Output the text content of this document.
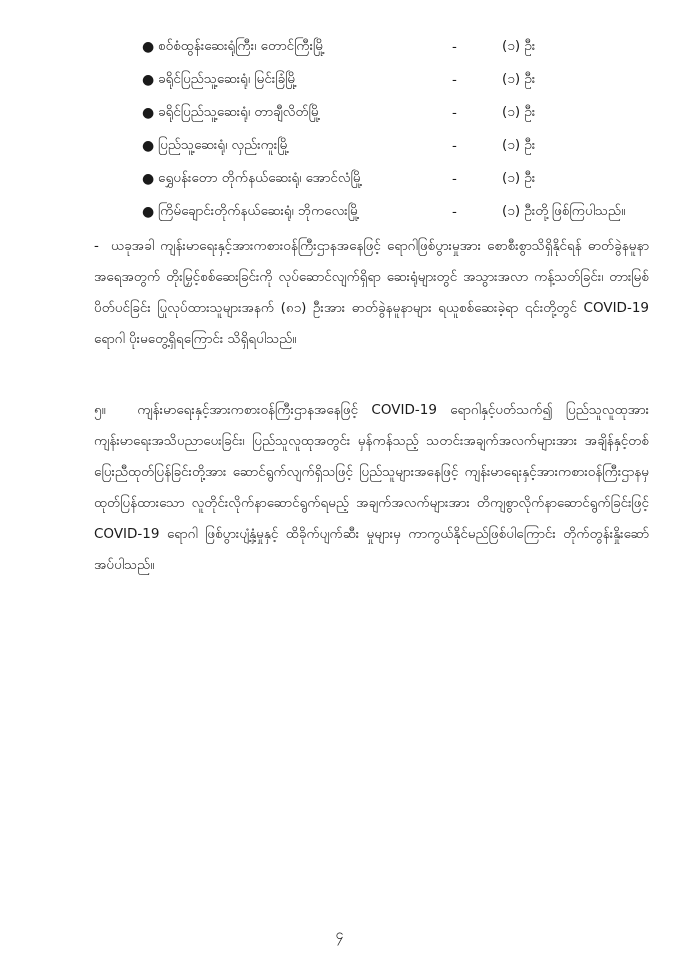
● စ၀်စံထွန်းဆေးရုံကြီး၊ တောင်ကြီးမြို့	-	(၁) ဦး
● ခရိုင်ပြည်သူ့ဆေးရုံ၊ မြင်းခြံမြို့	-	(၁) ဦး
● ခရိုင်ပြည်သူ့ဆေးရုံ၊ တာချီလိတ်မြို့	-	(၁) ဦး
● ပြည်သူ့ဆေးရုံ၊ လှည်းကူးမြို့	-	(၁) ဦး
● ရွှေပန်းတော တိုက်နယ်ဆေးရုံ၊ အောင်လံမြို့	-	(၁) ဦး
● ကြိမ်ချောင်းတိုက်နယ်ဆေးရုံ၊ ဘိုကလေးမြို့	-	(၁) ဦးတို့ဖြစ်ကြပါသည်။

- ယခုအခါ ကျန်းမာရေးနှင့်အားကစားဝန်ကြီးဌာနအနေဖြင့် ရောဂါဖြစ်ပွားမှုအား စောစီးစွာသိရှိနိုင်ရန် ဓာတ်ခွဲနမူနာအရေအတွက် တိုးမြှင့်စစ်ဆေးခြင်းကို လုပ်ဆောင်လျက်ရှိရာ ဆေးရုံများတွင် အသွားအလာ ကန့်သတ်ခြင်း၊ တားမြစ်ပိတ်ပင်ခြင်း ပြုလုပ်ထားသူများအနက် (၈၁) ဦးအား ဓာတ်ခွဲနမူနာများ ရယူစစ်ဆေးခဲ့ရာ ၎င်းတို့တွင် COVID-19 ရောဂါ ပိုးမတွေ့ရှိရကြောင်း သိရှိရပါသည်။

၅။ ကျန်းမာရေးနှင့်အားကစားဝန်ကြီးဌာနအနေဖြင့် COVID-19 ရောဂါနှင့်ပတ်သက်၍ ပြည်သူလူထုအား ကျန်းမာရေးအသိပညာပေးခြင်း၊ ပြည်သူလူထုအတွင်း မှန်ကန်သည့် သတင်းအချက်အလက်များအား အချိန်နှင့်တစ်ပြေးညီထုတ်ပြန်ခြင်းတို့အား ဆောင်ရွက်လျက်ရှိသဖြင့် ပြည်သူများအနေဖြင့် ကျန်းမာရေးနှင့်အားကစားဝန်ကြီးဌာနမှ ထုတ်ပြန်ထားသော လူတိုင်းလိုက်နာဆောင်ရွက်ရမည့် အချက်အလက်များအား တိကျစွာလိုက်နာဆောင်ရွက်ခြင်းဖြင့် COVID-19 ရောဂါ ဖြစ်ပွားပျံ့နှံ့မှုနှင့် ထိခိုက်ပျက်ဆီး မှုများမှ ကာကွယ်နိုင်မည်ဖြစ်ပါကြောင်း တိုက်တွန်းနှိုးဆော်အပ်ပါသည်။

၄
